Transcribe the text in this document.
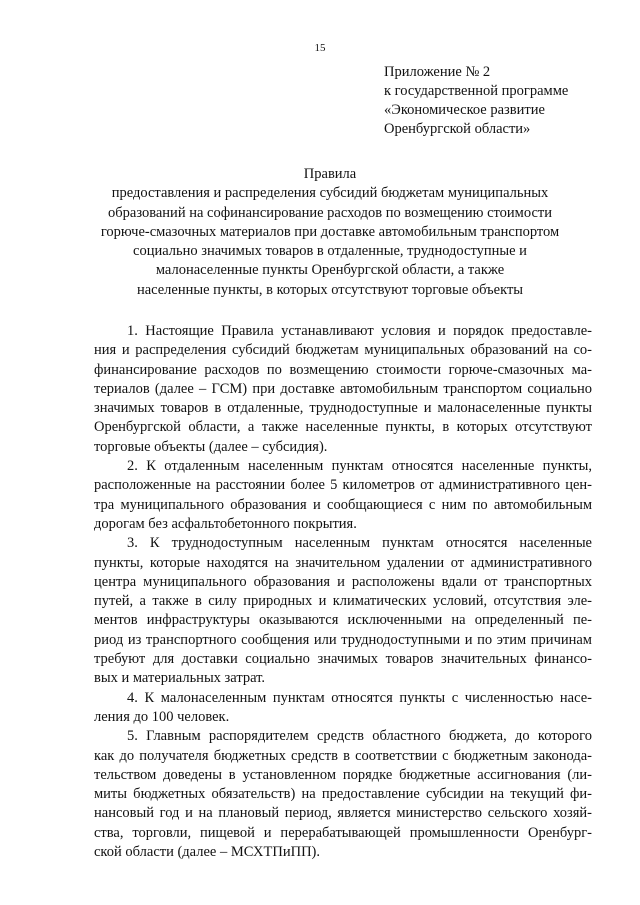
15
Приложение № 2
к государственной программе
«Экономическое развитие
Оренбургской области»
Правила
предоставления и распределения субсидий бюджетам муниципальных
образований на софинансирование расходов по возмещению стоимости
горюче-смазочных материалов при доставке автомобильным транспортом
социально значимых товаров в отдаленные, труднодоступные и
малонаселенные пункты Оренбургской области, а также
населенные пункты, в которых отсутствуют торговые объекты
1. Настоящие Правила устанавливают условия и порядок предоставле-
ния и распределения субсидий бюджетам муниципальных образований на со-
финансирование расходов по возмещению стоимости горюче-смазочных ма-
териалов (далее – ГСМ) при доставке автомобильным транспортом социально
значимых товаров в отдаленные, труднодоступные и малонаселенные пункты
Оренбургской области, а также населенные пункты, в которых отсутствуют
торговые объекты (далее – субсидия).
2. К отдаленным населенным пунктам относятся населенные пункты,
расположенные на расстоянии более 5 километров от административного цен-
тра муниципального образования и сообщающиеся с ним по автомобильным
дорогам без асфальтобетонного покрытия.
3. К труднодоступным населенным пунктам относятся населенные
пункты, которые находятся на значительном удалении от административного
центра муниципального образования и расположены вдали от транспортных
путей, а также в силу природных и климатических условий, отсутствия эле-
ментов инфраструктуры оказываются исключенными на определенный пе-
риод из транспортного сообщения или труднодоступными и по этим причинам
требуют для доставки социально значимых товаров значительных финансо-
вых и материальных затрат.
4. К малонаселенным пунктам относятся пункты с численностью насе-
ления до 100 человек.
5. Главным распорядителем средств областного бюджета, до которого
как до получателя бюджетных средств в соответствии с бюджетным законода-
тельством доведены в установленном порядке бюджетные ассигнования (ли-
миты бюджетных обязательств) на предоставление субсидии на текущий фи-
нансовый год и на плановый период, является министерство сельского хозяй-
ства, торговли, пищевой и перерабатывающей промышленности Оренбург-
ской области (далее – МСХТПиПП).
